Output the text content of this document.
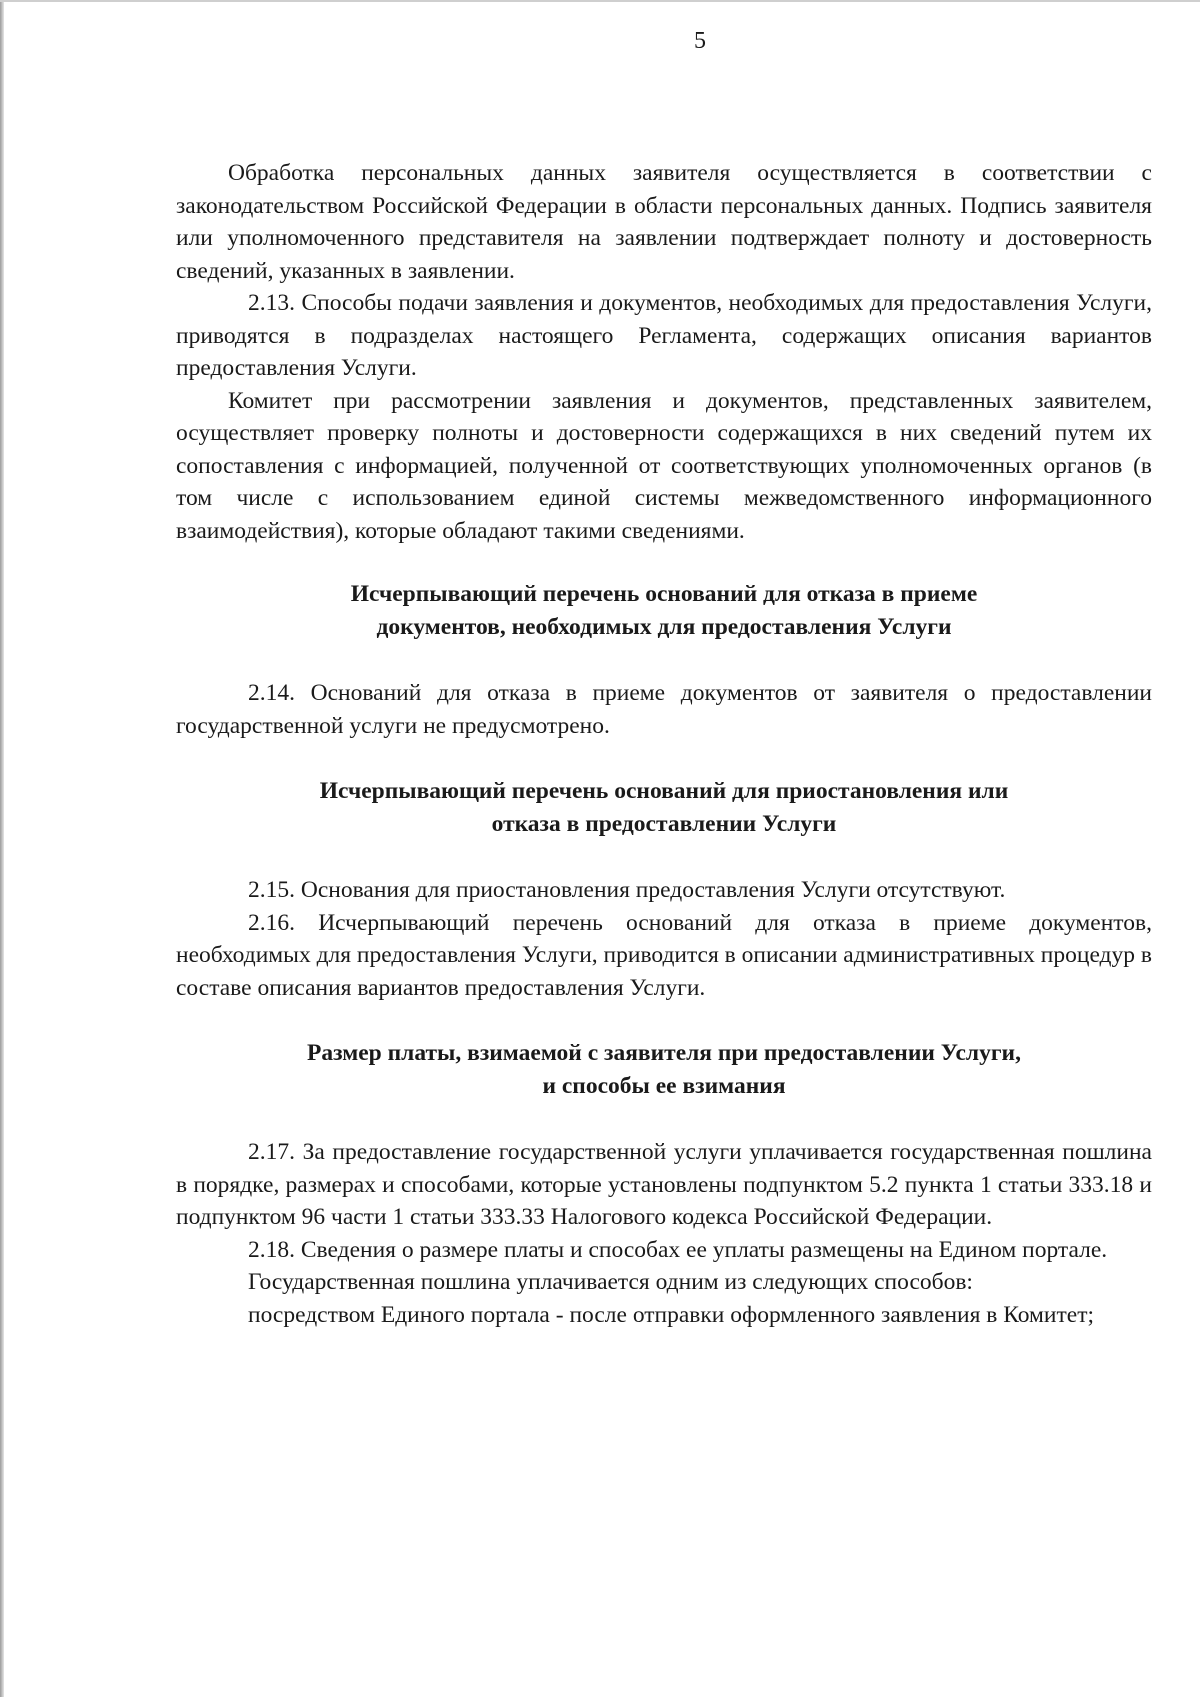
5

Обработка персональных данных заявителя осуществляется в соответствии с законодательством Российской Федерации в области персональных данных. Подпись заявителя или уполномоченного представителя на заявлении подтверждает полноту и достоверность сведений, указанных в заявлении.

2.13. Способы подачи заявления и документов, необходимых для предоставления Услуги, приводятся в подразделах настоящего Регламента, содержащих описания вариантов предоставления Услуги.

Комитет при рассмотрении заявления и документов, представленных заявителем, осуществляет проверку полноты и достоверности содержащихся в них сведений путем их сопоставления с информацией, полученной от соответствующих уполномоченных органов (в том числе с использованием единой системы межведомственного информационного взаимодействия), которые обладают такими сведениями.

Исчерпывающий перечень оснований для отказа в приеме
документов, необходимых для предоставления Услуги

2.14. Оснований для отказа в приеме документов от заявителя о предоставлении государственной услуги не предусмотрено.

Исчерпывающий перечень оснований для приостановления или
отказа в предоставлении Услуги

2.15. Основания для приостановления предоставления Услуги отсутствуют.

2.16. Исчерпывающий перечень оснований для отказа в приеме документов, необходимых для предоставления Услуги, приводится в описании административных процедур в составе описания вариантов предоставления Услуги.

Размер платы, взимаемой с заявителя при предоставлении Услуги,
и способы ее взимания

2.17. За предоставление государственной услуги уплачивается государственная пошлина в порядке, размерах и способами, которые установлены подпунктом 5.2 пункта 1 статьи 333.18 и подпунктом 96 части 1 статьи 333.33 Налогового кодекса Российской Федерации.

2.18. Сведения о размере платы и способах ее уплаты размещены на Едином портале.

Государственная пошлина уплачивается одним из следующих способов:

посредством Единого портала - после отправки оформленного заявления в Комитет;
